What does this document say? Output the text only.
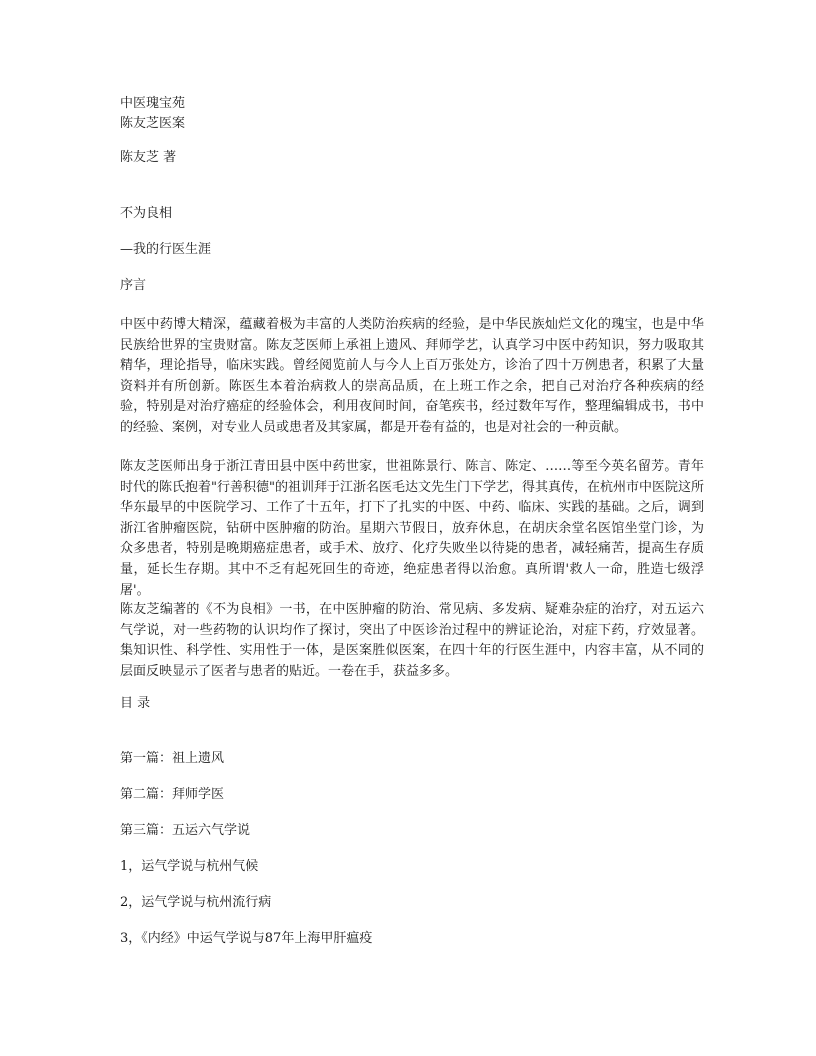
中医瑰宝苑
陈友芝医案
陈友芝 著
不为良相
—我的行医生涯
序言

中医中药博大精深，蕴藏着极为丰富的人类防治疾病的经验，是中华民族灿烂文化的瑰宝，也是中华民族给世界的宝贵财富。陈友芝医师上承祖上遗风、拜师学艺，认真学习中医中药知识，努力吸取其精华，理论指导，临床实践。曾经阅览前人与今人上百万张处方，诊治了四十万例患者，积累了大量资料并有所创新。陈医生本着治病救人的崇高品质，在上班工作之余，把自己对治疗各种疾病的经验，特别是对治疗癌症的经验体会，利用夜间时间，奋笔疾书，经过数年写作，整理编辑成书，书中的经验、案例，对专业人员或患者及其家属，都是开卷有益的，也是对社会的一种贡献。

陈友芝医师出身于浙江青田县中医中药世家，世祖陈景行、陈言、陈定、……等至今英名留芳。青年时代的陈氏抱着"行善积德"的祖训拜于江浙名医毛达文先生门下学艺，得其真传，在杭州市中医院这所华东最早的中医院学习、工作了十五年，打下了扎实的中医、中药、临床、实践的基础。之后，调到浙江省肿瘤医院，钻研中医肿瘤的防治。星期六节假日，放弃休息，在胡庆余堂名医馆坐堂门诊，为众多患者，特别是晚期癌症患者，或手术、放疗、化疗失败坐以待毙的患者，减轻痛苦，提高生存质量，延长生存期。其中不乏有起死回生的奇迹，绝症患者得以治愈。真所谓'救人一命，胜造七级浮屠'。

陈友芝编著的《不为良相》一书，在中医肿瘤的防治、常见病、多发病、疑难杂症的治疗，对五运六气学说，对一些药物的认识均作了探讨，突出了中医诊治过程中的辨证论治，对症下药，疗效显著。集知识性、科学性、实用性于一体，是医案胜似医案，在四十年的行医生涯中，内容丰富，从不同的层面反映显示了医者与患者的贴近。一卷在手，获益多多。

目 录
第一篇：祖上遗风
第二篇：拜师学医
第三篇：五运六气学说
1，运气学说与杭州气候
2，运气学说与杭州流行病
3，《内经》中运气学说与87年上海甲肝瘟疫
